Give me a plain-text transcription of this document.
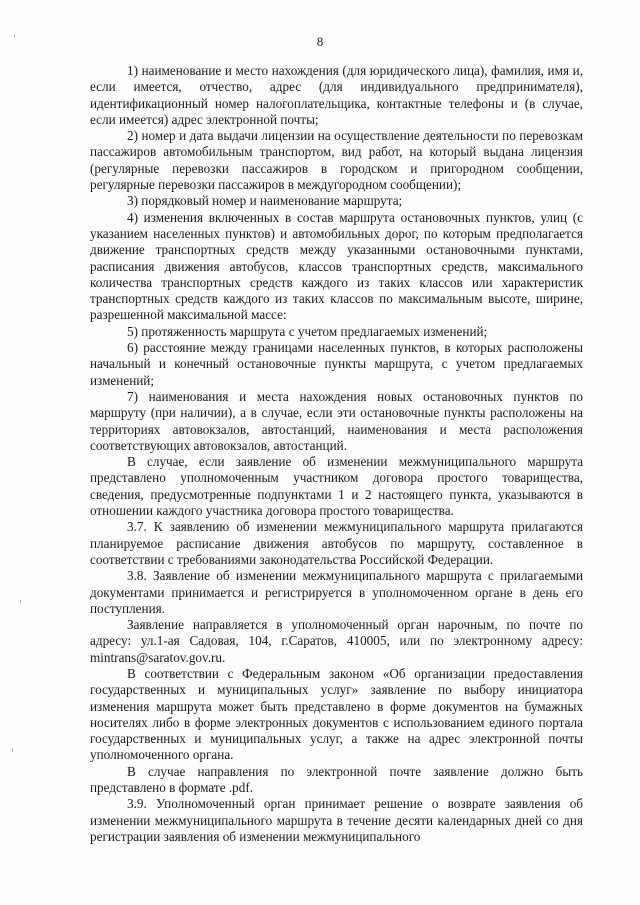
8

1) наименование и место нахождения (для юридического лица), фамилия, имя и, если имеется, отчество, адрес (для индивидуального предпринимателя), идентификационный номер налогоплательщика, контактные телефоны и (в случае, если имеется) адрес электронной почты;

2) номер и дата выдачи лицензии на осуществление деятельности по перевозкам пассажиров автомобильным транспортом, вид работ, на который выдана лицензия (регулярные перевозки пассажиров в городском и пригородном сообщении, регулярные перевозки пассажиров в междугородном сообщении);

3) порядковый номер и наименование маршрута;

4) изменения включенных в состав маршрута остановочных пунктов, улиц (с указанием населенных пунктов) и автомобильных дорог, по которым предполагается движение транспортных средств между указанными остановочными пунктами, расписания движения автобусов, классов транспортных средств, максимального количества транспортных средств каждого из таких классов или характеристик транспортных средств каждого из таких классов по максимальным высоте, ширине, разрешенной максимальной массе:

5) протяженность маршрута с учетом предлагаемых изменений;

6) расстояние между границами населенных пунктов, в которых расположены начальный и конечный остановочные пункты маршрута, с учетом предлагаемых изменений;

7) наименования и места нахождения новых остановочных пунктов по маршруту (при наличии), а в случае, если эти остановочные пункты расположены на территориях автовокзалов, автостанций, наименования и места расположения соответствующих автовокзалов, автостанций.

В случае, если заявление об изменении межмуниципального маршрута представлено уполномоченным участником договора простого товарищества, сведения, предусмотренные подпунктами 1 и 2 настоящего пункта, указываются в отношении каждого участника договора простого товарищества.

3.7. К заявлению об изменении межмуниципального маршрута прилагаются планируемое расписание движения автобусов по маршруту, составленное в соответствии с требованиями законодательства Российской Федерации.

3.8. Заявление об изменении межмуниципального маршрута с прилагаемыми документами принимается и регистрируется в уполномоченном органе в день его поступления.

Заявление направляется в уполномоченный орган нарочным, по почте по адресу: ул.1-ая Садовая, 104, г.Саратов, 410005, или по электронному адресу: mintrans@saratov.gov.ru.

В соответствии с Федеральным законом «Об организации предоставления государственных и муниципальных услуг» заявление по выбору инициатора изменения маршрута может быть представлено в форме документов на бумажных носителях либо в форме электронных документов с использованием единого портала государственных и муниципальных услуг, а также на адрес электронной почты уполномоченного органа.

В случае направления по электронной почте заявление должно быть представлено в формате .pdf.

3.9. Уполномоченный орган принимает решение о возврате заявления об изменении межмуниципального маршрута в течение десяти календарных дней со дня регистрации заявления об изменении межмуниципального
